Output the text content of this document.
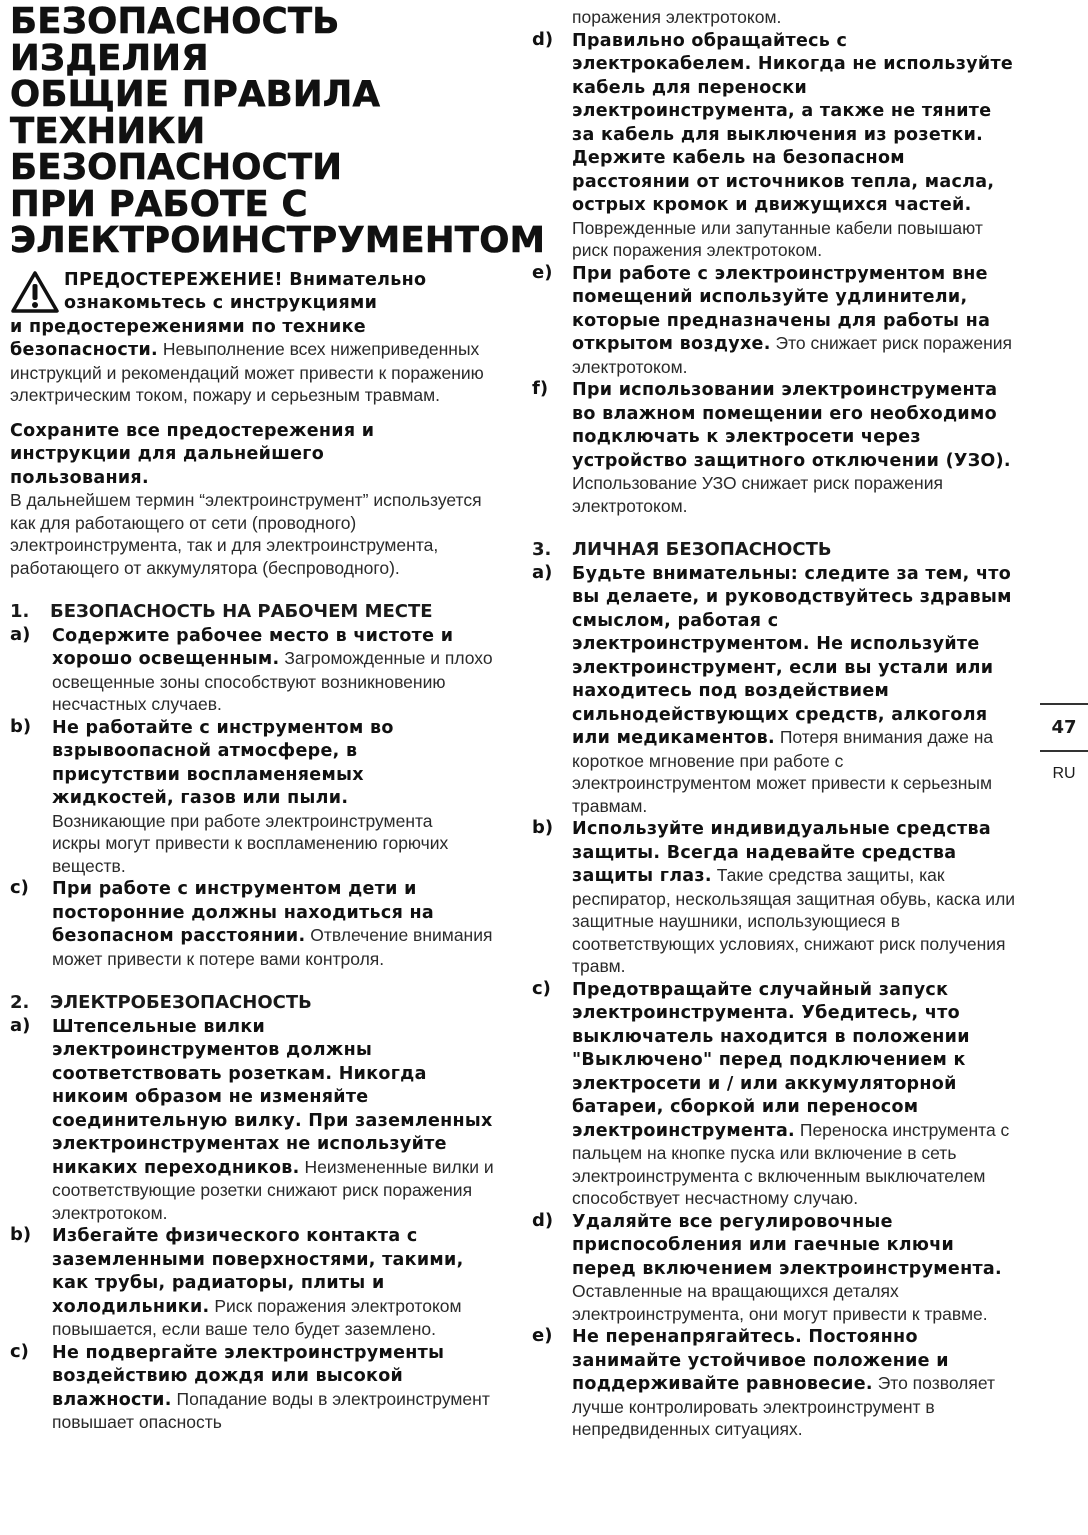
БЕЗОПАСНОСТЬ
ИЗДЕЛИЯ
ОБЩИЕ ПРАВИЛА
ТЕХНИКИ
БЕЗОПАСНОСТИ
ПРИ РАБОТЕ С
ЭЛЕКТРОИНСТРУМЕНТОМ
ПРЕДОСТЕРЕЖЕНИЕ! Внимательно
ознакомьтесь с инструкциями
и предостережениями по технике
безопасности. Невыполнение всех нижеприведенных инструкций и рекомендаций может привести к поражению электрическим током, пожару и серьезным травмам.
Сохраните все предостережения и инструкции для дальнейшего пользования.
В дальнейшем термин “электроинструмент” используется как для работающего от сети (проводного) электроинструмента, так и для электроинструмента, работающего от аккумулятора (беспроводного).
1.	БЕЗОПАСНОСТЬ НА РАБОЧЕМ МЕСТЕ
a)	Содержите рабочее место в чистоте и хорошо освещенным. Загроможденные и плохо освещенные зоны способствуют возникновению несчастных случаев.
b)	Не работайте с инструментом во взрывоопасной атмосфере, в присутствии воспламеняемых жидкостей, газов или пыли. Возникающие при работе электроинструмента искры могут привести к воспламенению горючих веществ.
c)	При работе с инструментом дети и посторонние должны находиться на безопасном расстоянии. Отвлечение внимания может привести к потере вами контроля.
2.	ЭЛЕКТРОБЕЗОПАСНОСТЬ
a)	Штепсельные вилки электроинструментов должны соответствовать розеткам. Никогда никоим образом не изменяйте соединительную вилку. При заземленных электроинструментах не используйте никаких переходников. Неизмененные вилки и соответствующие розетки снижают риск поражения электротоком.
b)	Избегайте физического контакта с заземленными поверхностями, такими, как трубы, радиаторы, плиты и холодильники. Риск поражения электротоком повышается, если ваше тело будет заземлено.
c)	Не подвергайте электроинструменты воздействию дождя или высокой влажности. Попадание воды в электроинструмент повышает опасность
поражения электротоком.
d)	Правильно обращайтесь с электрокабелем. Никогда не используйте кабель для переноски электроинструмента, а также не тяните за кабель для выключения из розетки. Держите кабель на безопасном расстоянии от источников тепла, масла, острых кромок и движущихся частей. Поврежденные или запутанные кабели повышают риск поражения электротоком.
e)	При работе с электроинструментом вне помещений используйте удлинители, которые предназначены для работы на открытом воздухе. Это снижает риск поражения электротоком.
f)	При использовании электроинструмента во влажном помещении его необходимо подключать к электросети через устройство защитного отключении (УЗО). Использование УЗО снижает риск поражения электротоком.
3.	ЛИЧНАЯ БЕЗОПАСНОСТЬ
a)	Будьте внимательны: следите за тем, что вы делаете, и руководствуйтесь здравым смыслом, работая с электроинструментом. Не используйте электроинструмент, если вы устали или находитесь под воздействием сильнодействующих средств, алкоголя или медикаментов. Потеря внимания даже на короткое мгновение при работе с электроинструментом может привести к серьезным травмам.
b)	Используйте индивидуальные средства защиты. Всегда надевайте средства защиты глаз. Такие средства защиты, как респиратор, нескользящая защитная обувь, каска или защитные наушники, использующиеся в соответствующих условиях, снижают риск получения травм.
c)	Предотвращайте случайный запуск электроинструмента. Убедитесь, что выключатель находится в положении "Выключено" перед подключением к электросети и / или аккумуляторной батареи, сборкой или переносом электроинструмента. Переноска инструмента с пальцем на кнопке пуска или включение в сеть электроинструмента с включенным выключателем способствует несчастному случаю.
d)	Удаляйте все регулировочные приспособления или гаечные ключи перед включением электроинструмента. Оставленные на вращающихся деталях электроинструмента, они могут привести к травме.
e)	Не перенапрягайтесь. Постоянно занимайте устойчивое положение и поддерживайте равновесие. Это позволяет лучше контролировать электроинструмент в непредвиденных ситуациях.
47
RU
